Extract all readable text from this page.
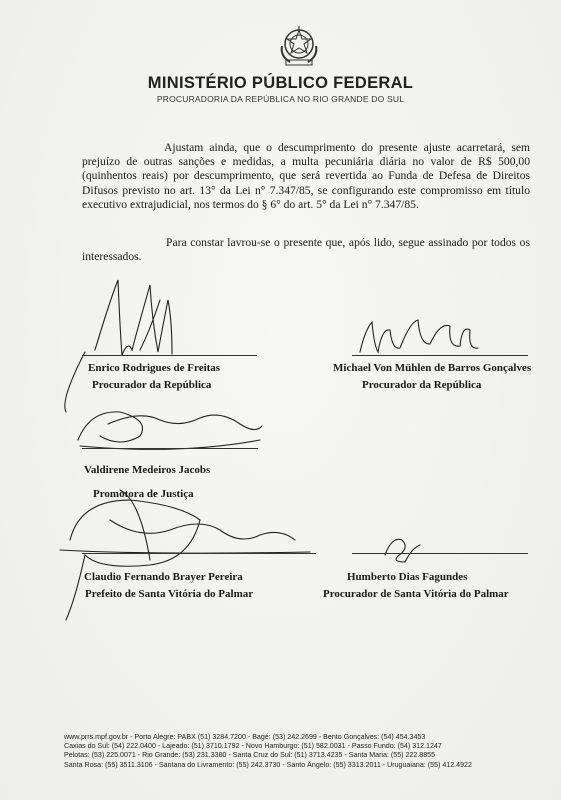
MINISTÉRIO PÚBLICO FEDERAL
PROCURADORIA DA REPÚBLICA NO RIO GRANDE DO SUL
Ajustam ainda, que o descumprimento do presente ajuste acarretará, sem prejuízo de outras sanções e medidas, a multa pecuniária diária no valor de R$ 500,00 (quinhentos reais) por descumprimento, que será revertida ao Funda de Defesa de Direitos Difusos previsto no art. 13° da Lei n° 7.347/85, se configurando este compromisso em título executivo extrajudicial, nos termos do § 6° do art. 5° da Lei n° 7.347/85.
Para constar lavrou-se o presente que, após lido, segue assinado por todos os interessados.
Enrico Rodrigues de Freitas
Procurador da República
Michael Von Mühlen de Barros Gonçalves
Procurador da República
Valdirene Medeiros Jacobs
Promotora de Justiça
Claudio Fernando Brayer Pereira
Prefeito de Santa Vitória do Palmar
Humberto Dias Fagundes
Procurador de Santa Vitória do Palmar
www.prrs.mpf.gov.br - Porto Alegre: PABX (51) 3284.7200 - Bagé: (53) 242.2699 - Bento Gonçalves: (54) 454.3453
Caxias do Sul: (54) 222.0400 - Lajeado: (51) 3710.1792 - Novo Hamburgo: (51) 582.0031 - Passo Fundo: (54) 312.1247
Pelotas: (53) 225.0071 - Rio Grande: (53) 231.3380 - Santa Cruz do Sul: (51) 3713.4235 - Santa Maria: (55) 222.8855
Santa Rosa: (55) 3511.3106 - Santana do Livramento: (55) 242.3730 - Santo Ângelo: (55) 3313.2011 - Uruguaiana: (55) 412.4922
